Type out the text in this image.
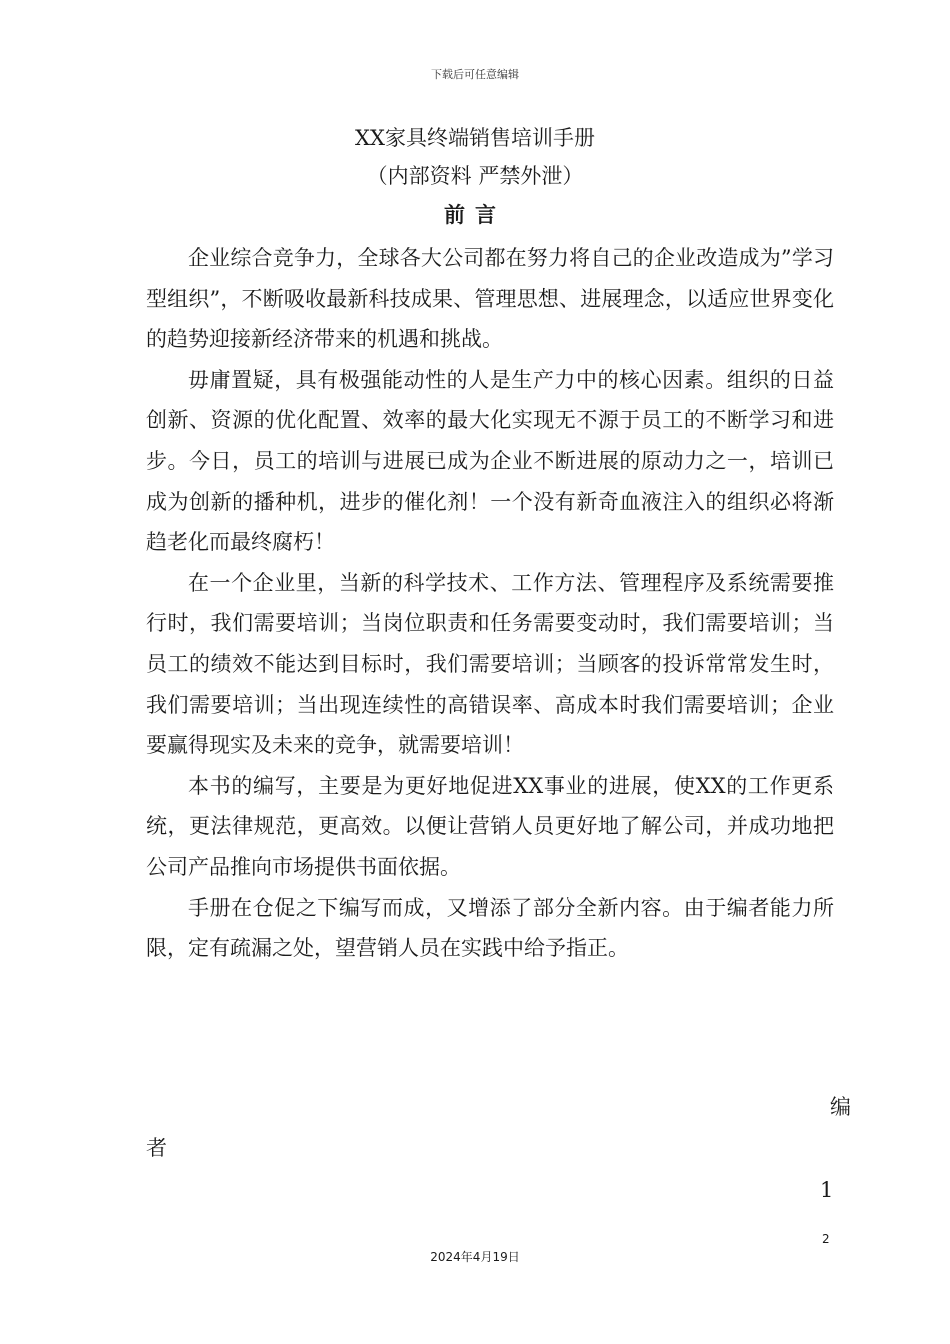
下载后可任意编辑
XX家具终端销售培训手册
（内部资料 严禁外泄）
前言

企业综合竞争力，全球各大公司都在努力将自己的企业改造成为”学习型组织”，不断吸收最新科技成果、管理思想、进展理念，以适应世界变化的趋势迎接新经济带来的机遇和挑战。

毋庸置疑，具有极强能动性的人是生产力中的核心因素。组织的日益创新、资源的优化配置、效率的最大化实现无不源于员工的不断学习和进步。今日，员工的培训与进展已成为企业不断进展的原动力之一，培训已成为创新的播种机，进步的催化剂！一个没有新奇血液注入的组织必将渐趋老化而最终腐朽！

在一个企业里，当新的科学技术、工作方法、管理程序及系统需要推行时，我们需要培训；当岗位职责和任务需要变动时，我们需要培训；当员工的绩效不能达到目标时，我们需要培训；当顾客的投诉常常发生时，我们需要培训；当出现连续性的高错误率、高成本时我们需要培训；企业要赢得现实及未来的竞争，就需要培训！

本书的编写，主要是为更好地促进XX事业的进展，使XX的工作更系统，更法律规范，更高效。以便让营销人员更好地了解公司，并成功地把公司产品推向市场提供书面依据。

手册在仓促之下编写而成，又增添了部分全新内容。由于编者能力所限，定有疏漏之处，望营销人员在实践中给予指正。

编
者
1
2
2024年4月19日
